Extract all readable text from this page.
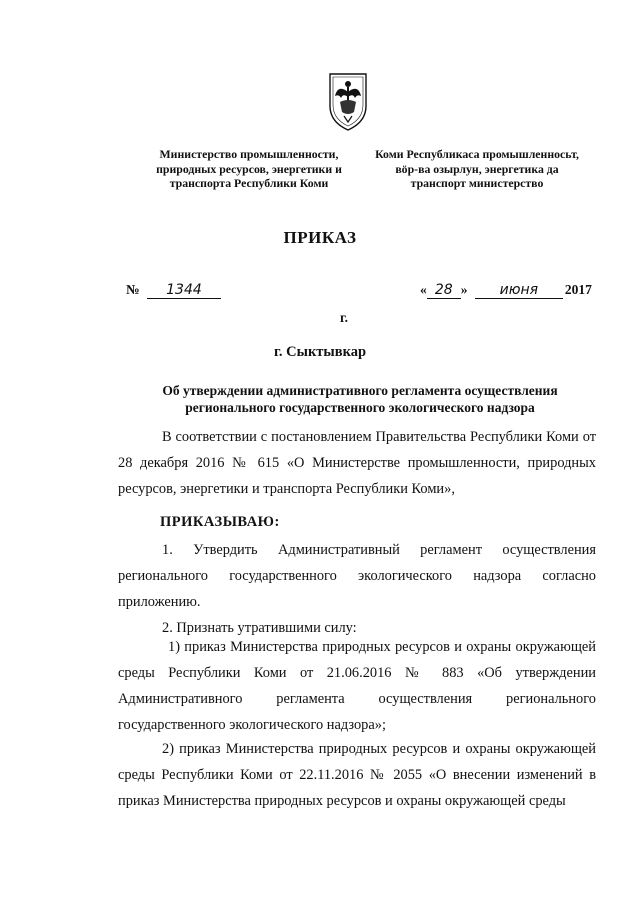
Министерство промышленности,
природных ресурсов, энергетики и
транспорта Республики Коми
Коми Республикаса промышленносьт,
вöр-ва озырлун, энергетика да
транспорт министерство
ПРИКАЗ
№ 1344	« 28 » июня 2017
г.
г. Сыктывкар
Об утверждении административного регламента осуществления регионального государственного экологического надзора
В соответствии с постановлением Правительства Республики Коми от 28 декабря 2016 № 615 «О Министерстве промышленности, природных ресурсов, энергетики и транспорта Республики Коми»,
ПРИКАЗЫВАЮ:
1. Утвердить Административный регламент осуществления регионального государственного экологического надзора согласно приложению.
2. Признать утратившими силу:
1) приказ Министерства природных ресурсов и охраны окружающей среды Республики Коми от 21.06.2016 № 883 «Об утверждении Административного регламента осуществления регионального государственного экологического надзора»;
2) приказ Министерства природных ресурсов и охраны окружающей среды Республики Коми от 22.11.2016 № 2055 «О внесении изменений в приказ Министерства природных ресурсов и охраны окружающей среды
